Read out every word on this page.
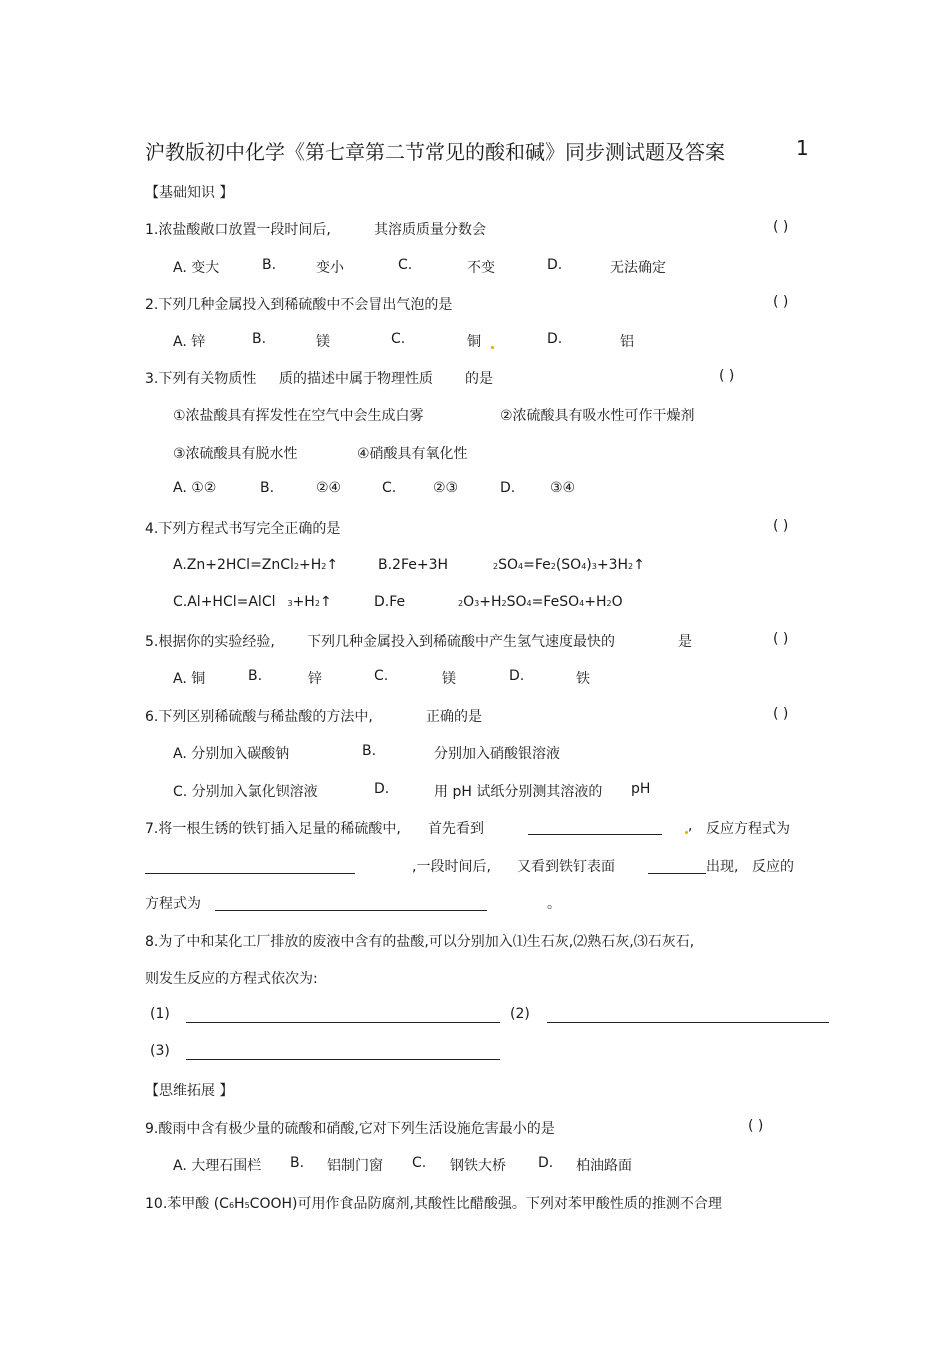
沪教版初中化学《第七章第二节常见的酸和碱》同步测试题及答案	1
【基础知识 】
1.浓盐酸敞口放置一段时间后,	其溶质质量分数会	( )
A. 变大	B.	变小	C.	不变	D.	无法确定
2.下列几种金属投入到稀硫酸中不会冒出气泡的是	( )
A. 锌	B.	镁	C.	铜	D.	铝
3.下列有关物质性 质的描述中属于物理性质 的是	( )
①浓盐酸具有挥发性在空气中会生成白雾	②浓硫酸具有吸水性可作干燥剂
③浓硫酸具有脱水性	④硝酸具有氧化性
A. ①②	B.	②④	C.	②③	D. ③④
4.下列方程式书写完全正确的是	( )
A.Zn+2HCl=ZnCl2+H2↑	B.2Fe+3H	2SO4=Fe2(SO4)3+3H2↑
C.Al+HCl=AlCl 3+H2↑	D.Fe	2O3+H2SO4=FeSO4+H2O
5.根据你的实验经验, 下列几种金属投入到稀硫酸中产生氢气速度最快的	是	( )
A. 铜	B.	锌	C.	镁	D.	铁
6.下列区别稀硫酸与稀盐酸的方法中,	正确的是	( )
A. 分别加入碳酸钠	B.	分别加入硝酸银溶液
C. 分别加入氯化钡溶液	D.	用 pH 试纸分别测其溶液的 pH
7.将一根生锈的铁钉插入足量的稀硫酸中, 首先看到	, 反应方程式为
,一段时间后, 又看到铁钉表面	出现, 反应的
方程式为	。
8.为了中和某化工厂排放的废液中含有的盐酸,可以分别加入⑴生石灰,⑵熟石灰,⑶石灰石,
则发生反应的方程式依次为:
(1)	(2)
(3)
【思维拓展 】
9.酸雨中含有极少量的硫酸和硝酸,它对下列生活设施危害最小的是	( )
A. 大理石围栏 B. 铝制门窗 C. 钢铁大桥 D. 柏油路面
10.苯甲酸 (C6H5COOH)可用作食品防腐剂,其酸性比醋酸强。下列对苯甲酸性质的推测不合理
